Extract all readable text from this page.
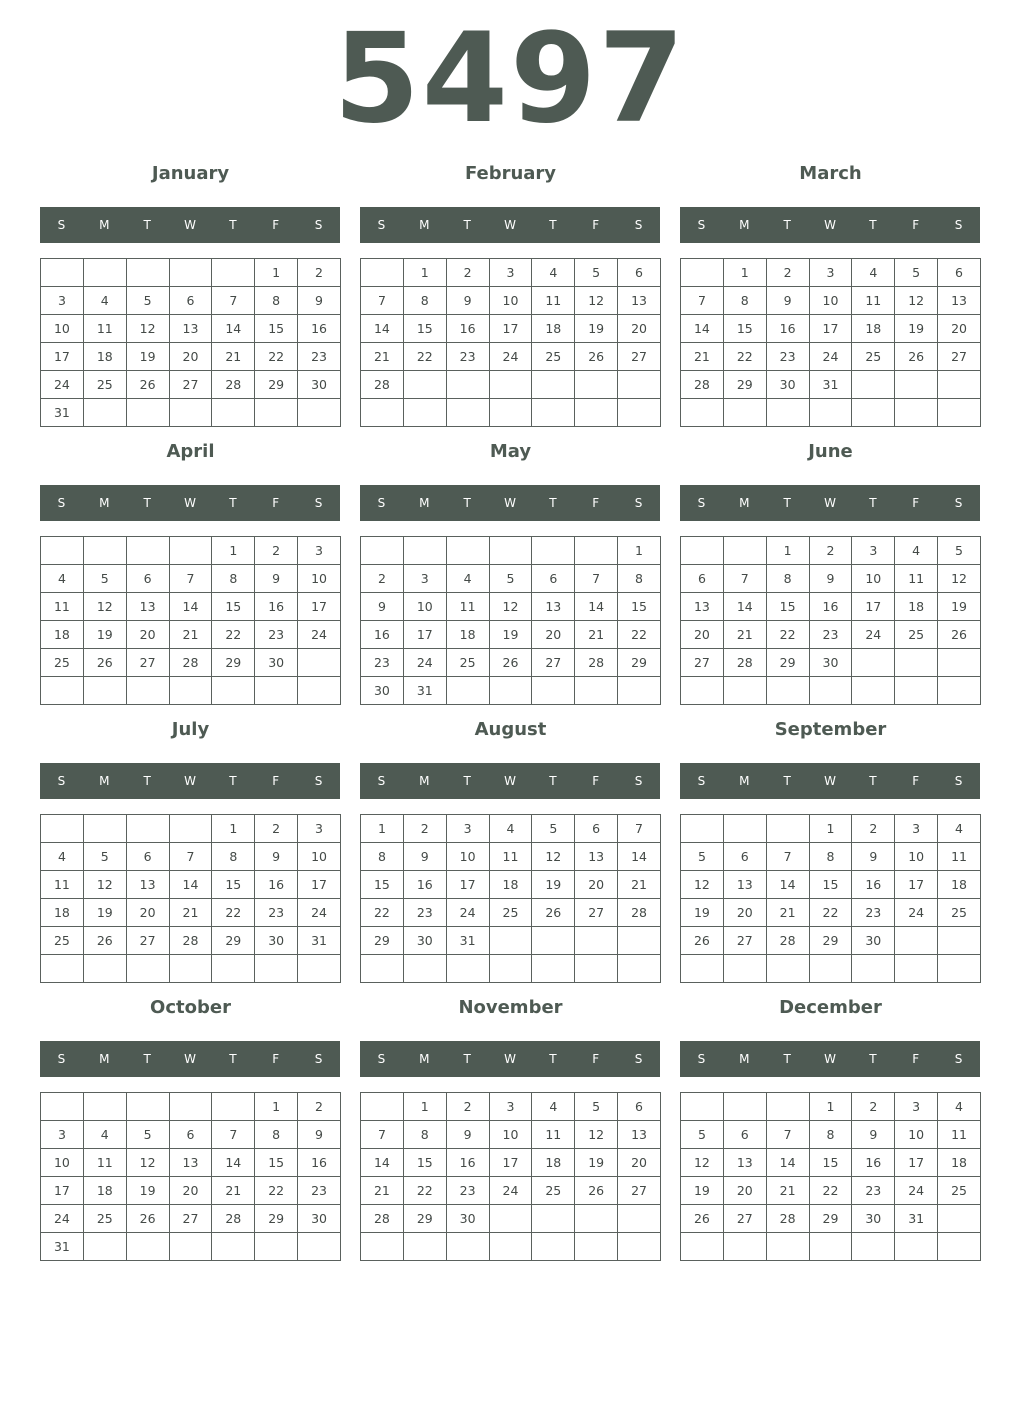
5497
January
S	M	T	W	T	F	S
					1	2
3	4	5	6	7	8	9
10	11	12	13	14	15	16
17	18	19	20	21	22	23
24	25	26	27	28	29	30
31						
February
S	M	T	W	T	F	S
	1	2	3	4	5	6
7	8	9	10	11	12	13
14	15	16	17	18	19	20
21	22	23	24	25	26	27
28						

March
S	M	T	W	T	F	S
	1	2	3	4	5	6
7	8	9	10	11	12	13
14	15	16	17	18	19	20
21	22	23	24	25	26	27
28	29	30	31			

April
S	M	T	W	T	F	S
				1	2	3
4	5	6	7	8	9	10
11	12	13	14	15	16	17
18	19	20	21	22	23	24
25	26	27	28	29	30	

May
S	M	T	W	T	F	S
						1
2	3	4	5	6	7	8
9	10	11	12	13	14	15
16	17	18	19	20	21	22
23	24	25	26	27	28	29
30	31					
June
S	M	T	W	T	F	S
		1	2	3	4	5
6	7	8	9	10	11	12
13	14	15	16	17	18	19
20	21	22	23	24	25	26
27	28	29	30			

July
S	M	T	W	T	F	S
				1	2	3
4	5	6	7	8	9	10
11	12	13	14	15	16	17
18	19	20	21	22	23	24
25	26	27	28	29	30	31

August
S	M	T	W	T	F	S
1	2	3	4	5	6	7
8	9	10	11	12	13	14
15	16	17	18	19	20	21
22	23	24	25	26	27	28
29	30	31				

September
S	M	T	W	T	F	S
			1	2	3	4
5	6	7	8	9	10	11
12	13	14	15	16	17	18
19	20	21	22	23	24	25
26	27	28	29	30		

October
S	M	T	W	T	F	S
					1	2
3	4	5	6	7	8	9
10	11	12	13	14	15	16
17	18	19	20	21	22	23
24	25	26	27	28	29	30
31						
November
S	M	T	W	T	F	S
	1	2	3	4	5	6
7	8	9	10	11	12	13
14	15	16	17	18	19	20
21	22	23	24	25	26	27
28	29	30				

December
S	M	T	W	T	F	S
			1	2	3	4
5	6	7	8	9	10	11
12	13	14	15	16	17	18
19	20	21	22	23	24	25
26	27	28	29	30	31	
